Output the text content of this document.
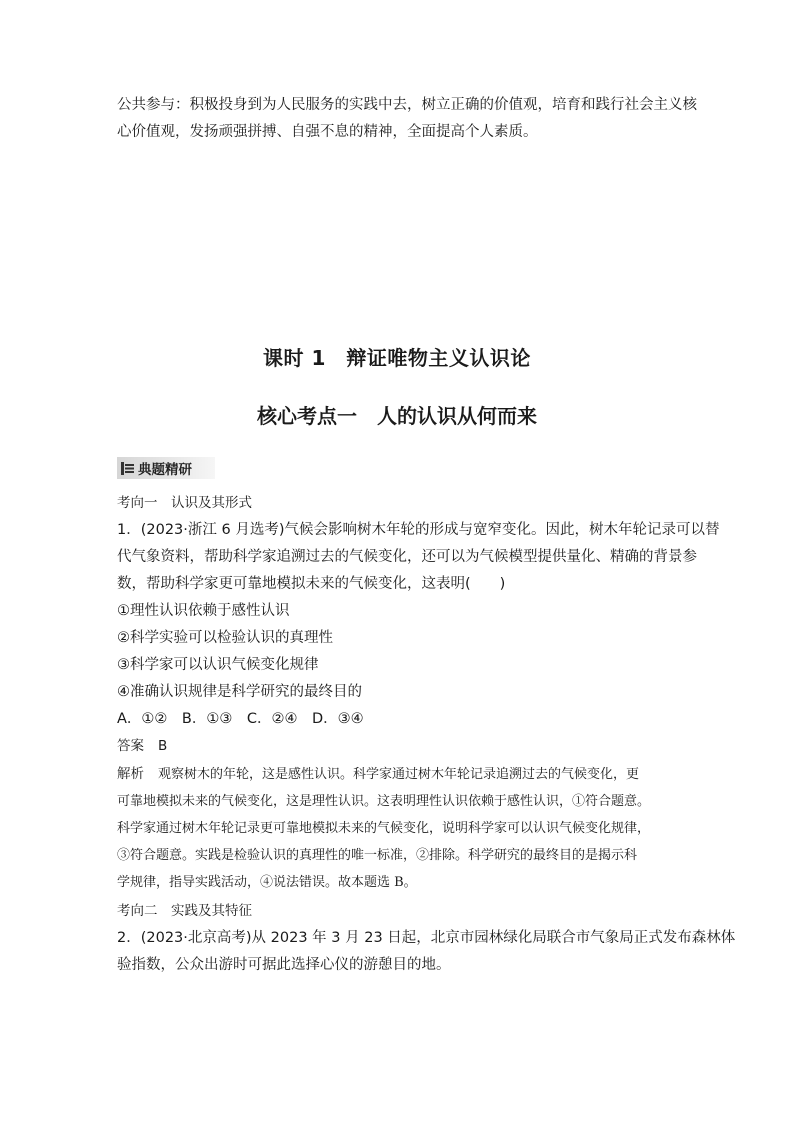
公共参与：积极投身到为人民服务的实践中去，树立正确的价值观，培育和践行社会主义核
心价值观，发扬顽强拼搏、自强不息的精神，全面提高个人素质。
课时 1　辩证唯物主义认识论
核心考点一　人的认识从何而来
典题精研
考向一　认识及其形式
1．(2023·浙江 6 月选考)气候会影响树木年轮的形成与宽窄变化。因此，树木年轮记录可以替
代气象资料，帮助科学家追溯过去的气候变化，还可以为气候模型提供量化、精确的背景参
数，帮助科学家更可靠地模拟未来的气候变化，这表明(　　)
①理性认识依赖于感性认识
②科学实验可以检验认识的真理性
③科学家可以认识气候变化规律
④准确认识规律是科学研究的最终目的
A．①②　B．①③　C．②④　D．③④
答案 B
解析 观察树木的年轮，这是感性认识。科学家通过树木年轮记录追溯过去的气候变化，更
可靠地模拟未来的气候变化，这是理性认识。这表明理性认识依赖于感性认识，①符合题意。
科学家通过树木年轮记录更可靠地模拟未来的气候变化，说明科学家可以认识气候变化规律，
③符合题意。实践是检验认识的真理性的唯一标准，②排除。科学研究的最终目的是揭示科
学规律，指导实践活动，④说法错误。故本题选 B。
考向二　实践及其特征
2．(2023·北京高考)从 2023 年 3 月 23 日起，北京市园林绿化局联合市气象局正式发布森林体
验指数，公众出游时可据此选择心仪的游憩目的地。
